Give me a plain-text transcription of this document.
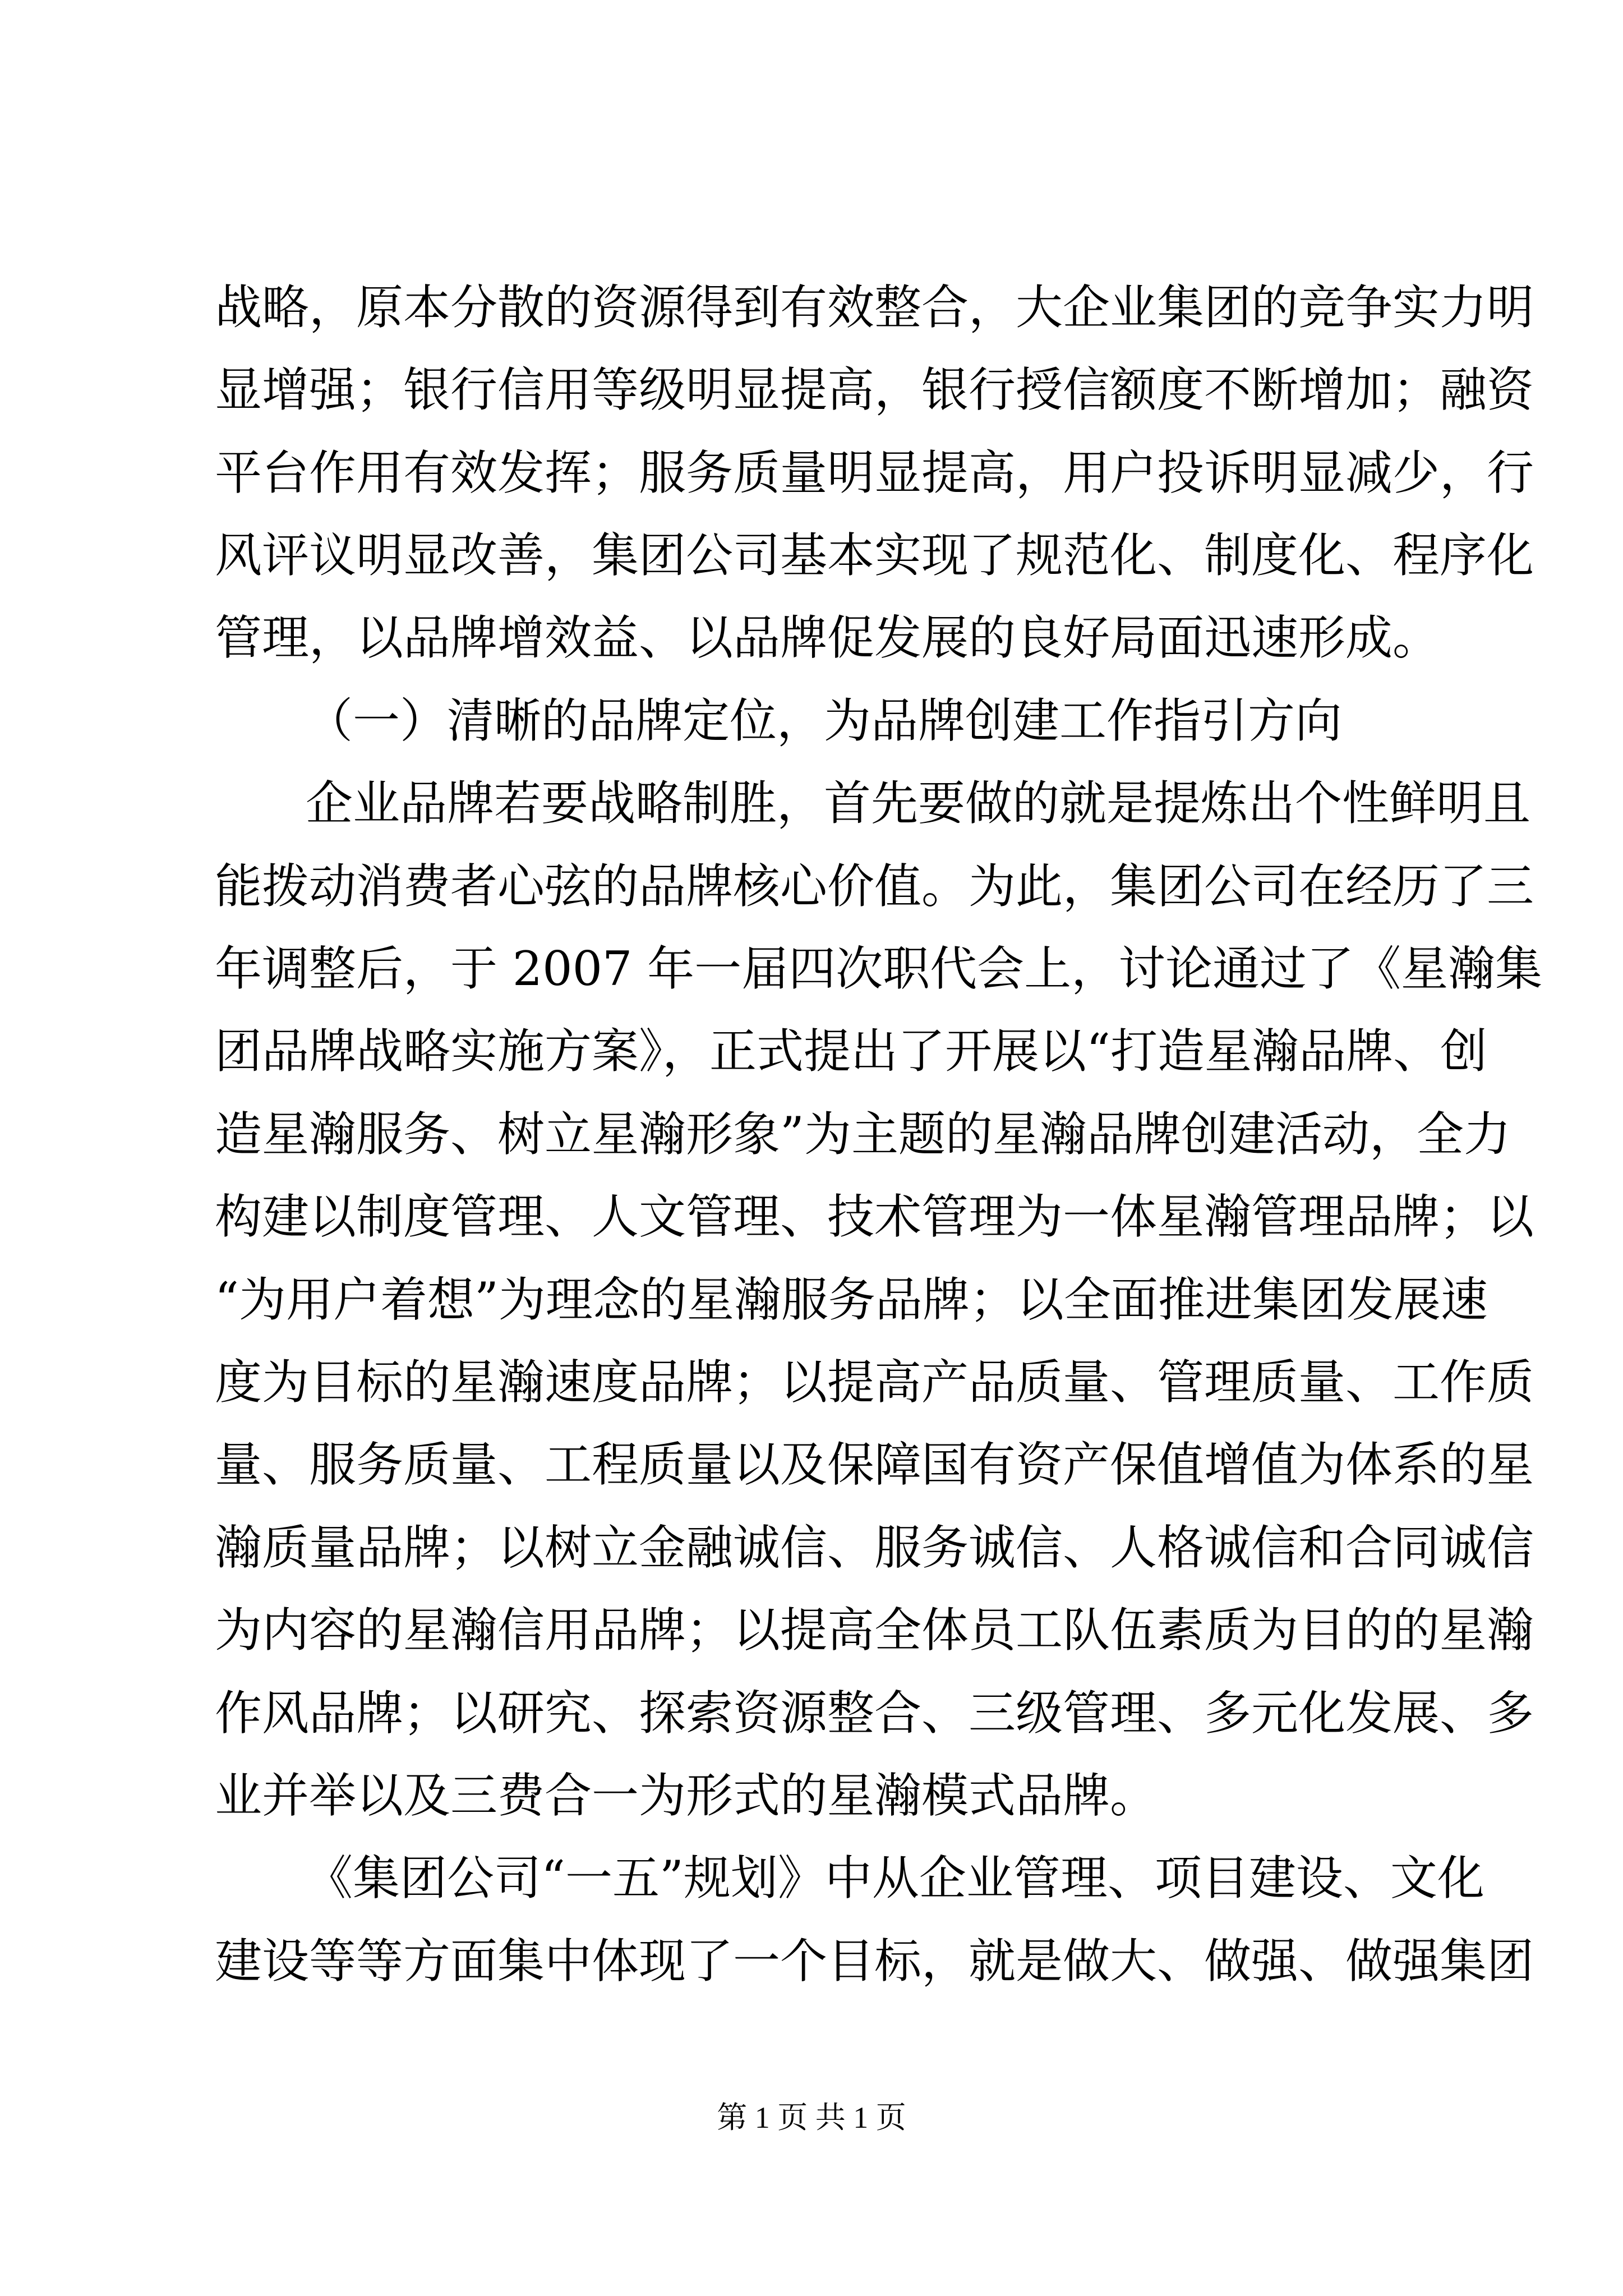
战略，原本分散的资源得到有效整合，大企业集团的竞争实力明
显增强；银行信用等级明显提高，银行授信额度不断增加；融资
平台作用有效发挥；服务质量明显提高，用户投诉明显减少，行
风评议明显改善，集团公司基本实现了规范化、制度化、程序化
管理，以品牌增效益、以品牌促发展的良好局面迅速形成。
（一）清晰的品牌定位，为品牌创建工作指引方向
企业品牌若要战略制胜，首先要做的就是提炼出个性鲜明且
能拨动消费者心弦的品牌核心价值。为此，集团公司在经历了三
年调整后，于 2007 年一届四次职代会上，讨论通过了《星瀚集
团品牌战略实施方案》，正式提出了开展以“打造星瀚品牌、创
造星瀚服务、树立星瀚形象”为主题的星瀚品牌创建活动，全力
构建以制度管理、人文管理、技术管理为一体星瀚管理品牌；以
“为用户着想”为理念的星瀚服务品牌；以全面推进集团发展速
度为目标的星瀚速度品牌；以提高产品质量、管理质量、工作质
量、服务质量、工程质量以及保障国有资产保值增值为体系的星
瀚质量品牌；以树立金融诚信、服务诚信、人格诚信和合同诚信
为内容的星瀚信用品牌；以提高全体员工队伍素质为目的的星瀚
作风品牌；以研究、探索资源整合、三级管理、多元化发展、多
业并举以及三费合一为形式的星瀚模式品牌。
《集团公司“一五”规划》中从企业管理、项目建设、文化
建设等等方面集中体现了一个目标，就是做大、做强、做强集团
第 1 页 共 1 页
